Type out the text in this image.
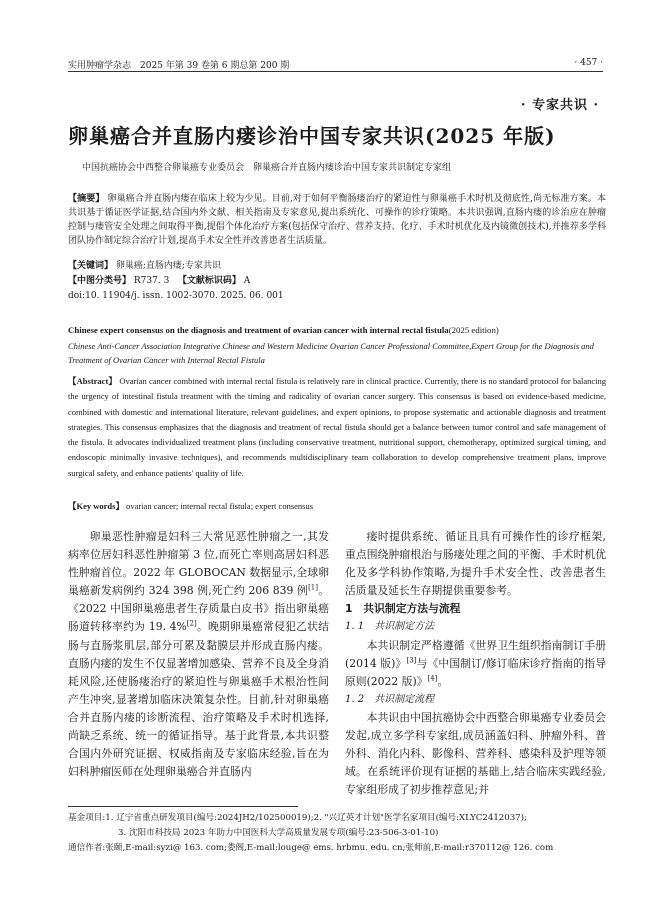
实用肿瘤学杂志　2025 年第 39 卷第 6 期总第 200 期	· 457 ·
· 专家共识 ·
卵巢癌合并直肠内瘘诊治中国专家共识(2025 年版)
中国抗癌协会中西整合卵巢癌专业委员会　卵巢癌合并直肠内瘘诊治中国专家共识制定专家组
【摘要】 卵巢癌合并直肠内瘘在临床上较为少见。目前,对于如何平衡肠瘘治疗的紧迫性与卵巢癌手术时机及彻底性,尚无标准方案。本共识基于循证医学证据,结合国内外文献、相关指南及专家意见,提出系统化、可操作的诊疗策略。本共识强调,直肠内瘘的诊治应在肿瘤控制与瘘管安全处理之间取得平衡,提倡个体化治疗方案(包括保守治疗、营养支持、化疗、手术时机优化及内镜微创技术),并推荐多学科团队协作制定综合治疗计划,提高手术安全性并改善患者生活质量。
【关键词】 卵巢癌;直肠内瘘;专家共识
【中图分类号】 R737. 3 【文献标识码】 A
doi:10. 11904/j. issn. 1002-3070. 2025. 06. 001
Chinese expert consensus on the diagnosis and treatment of ovarian cancer with internal rectal fistula(2025 edition)
Chinese Anti-Cancer Association Integrative Chinese and Western Medicine Ovarian Cancer Professional Committee,Expert Group for the Diagnosis and Treatment of Ovarian Cancer with Internal Rectal Fistula
【Abstract】 Ovarian cancer combined with internal rectal fistula is relatively rare in clinical practice. Currently, there is no standard protocol for balancing the urgency of intestinal fistula treatment with the timing and radicality of ovarian cancer surgery. This consensus is based on evidence-based medicine, combined with domestic and international literature, relevant guidelines, and expert opinions, to propose systematic and actionable diagnosis and treatment strategies. This consensus emphasizes that the diagnosis and treatment of rectal fistula should get a balance between tumor control and safe management of the fistula. It advocates individualized treatment plans (including conservative treatment, nutritional support, chemotherapy, optimized surgical timing, and endoscopic minimally invasive techniques), and recommends multidisciplinary team collaboration to develop comprehensive treatment plans, improve surgical safety, and enhance patients' quality of life.
【Key words】 ovarian cancer; internal rectal fistula; expert consensus

卵巢恶性肿瘤是妇科三大常见恶性肿瘤之一,其发病率位居妇科恶性肿瘤第 3 位,而死亡率则高居妇科恶性肿瘤首位。2022 年 GLOBOCAN 数据显示,全球卵巢癌新发病例约 324 398 例,死亡约 206 839 例[1]。《2022 中国卵巢癌患者生存质量白皮书》指出卵巢癌肠道转移率约为 19. 4%[2]。晚期卵巢癌常侵犯乙状结肠与直肠浆肌层,部分可累及黏膜层并形成直肠内瘘。直肠内瘘的发生不仅显著增加感染、营养不良及全身消耗风险,还使肠瘘治疗的紧迫性与卵巢癌手术根治性间产生冲突,显著增加临床决策复杂性。目前,针对卵巢癌合并直肠内瘘的诊断流程、治疗策略及手术时机选择,尚缺乏系统、统一的循证指导。基于此背景,本共识整合国内外研究证据、权威指南及专家临床经验,旨在为妇科肿瘤医师在处理卵巢癌合并直肠内

瘘时提供系统、循证且具有可操作性的诊疗框架,重点围绕肿瘤根治与肠瘘处理之间的平衡、手术时机优化及多学科协作策略,为提升手术安全性、改善患者生活质量及延长生存期提供重要参考。

1　共识制定方法与流程
1. 1　共识制定方法

本共识制定严格遵循《世界卫生组织指南制订手册(2014 版)》[3]与《中国制订/修订临床诊疗指南的指导原则(2022 版)》[4]。

1. 2　共识制定流程

本共识由中国抗癌协会中西整合卵巢癌专业委员会发起,成立多学科专家组,成员涵盖妇科、肿瘤外科、普外科、消化内科、影像科、营养科、感染科及护理等领域。在系统评价现有证据的基础上,结合临床实践经验,专家组形成了初步推荐意见;并

基金项目:1. 辽宁省重点研发项目(编号:2024JH2/102500019);2. "兴辽英才计划"医学名家项目(编号:XLYC2412037);
3. 沈阳市科技局 2023 年助力中国医科大学高质量发展专项(编号:23-506-3-01-10)
通信作者:张颐,E-mail:syzi@ 163. com;娄阁,E-mail:louge@ ems. hrbmu. edu. cn;张师前,E-mail:r370112@ 126. com
